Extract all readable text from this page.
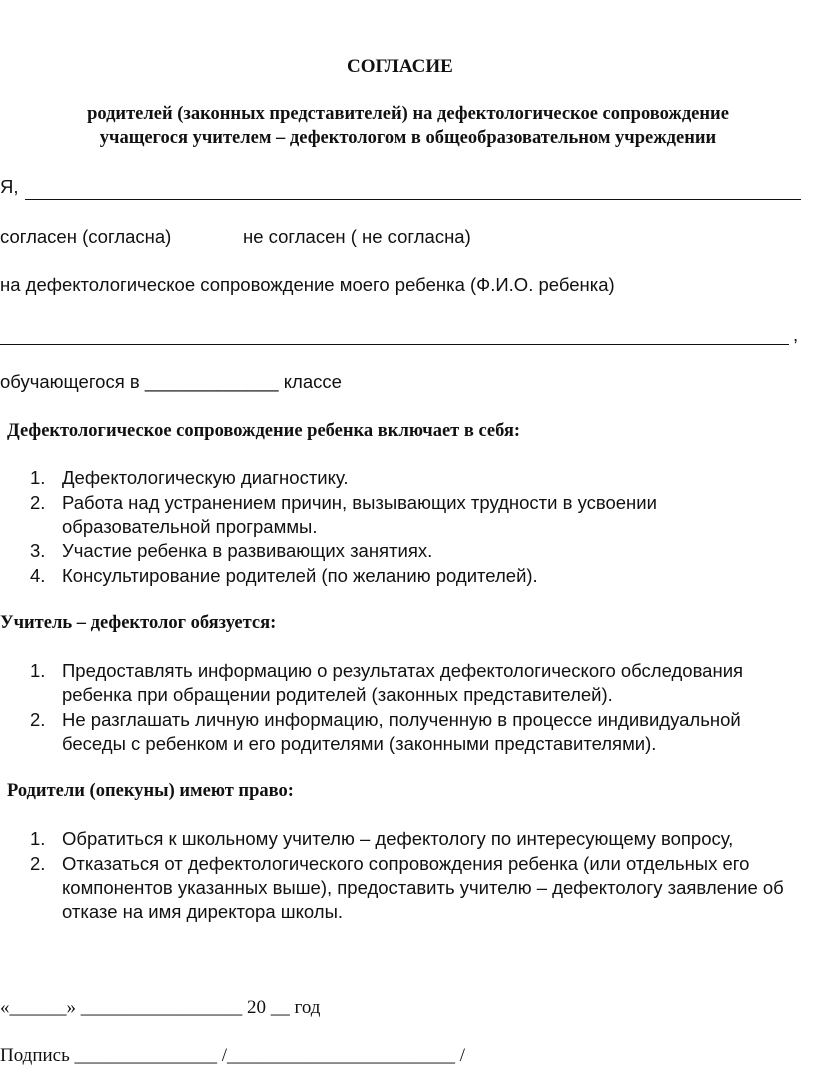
СОГЛАСИЕ
родителей (законных представителей) на дефектологическое сопровождение
учащегося учителем – дефектологом в общеобразовательном учреждении
Я,
согласен (согласна)	не согласен ( не согласна)
на дефектологическое сопровождение моего ребенка (Ф.И.О. ребенка)
,
обучающегося в _____________ классе
Дефектологическое сопровождение ребенка включает в себя:
1. Дефектологическую диагностику.
2. Работа над устранением причин, вызывающих трудности в усвоении
образовательной программы.
3. Участие ребенка в развивающих занятиях.
4. Консультирование родителей (по желанию родителей).
Учитель – дефектолог обязуется:
1. Предоставлять информацию о результатах дефектологического обследования
ребенка при обращении родителей (законных представителей).
2. Не разглашать личную информацию, полученную в процессе индивидуальной
беседы с ребенком и его родителями (законными представителями).
Родители (опекуны) имеют право:
1. Обратиться к школьному учителю – дефектологу по интересующему вопросу,
2. Отказаться от дефектологического сопровождения ребенка (или отдельных его
компонентов указанных выше), предоставить учителю – дефектологу заявление об
отказе на имя директора школы.
«______» _________________ 20 __ год
Подпись _______________ /________________________ /
